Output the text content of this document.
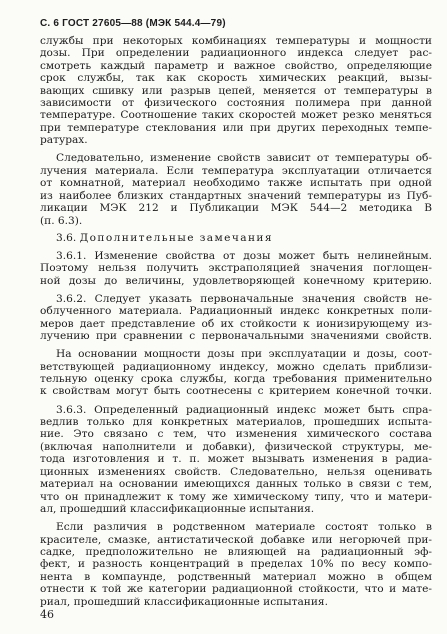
С. 6 ГОСТ 27605—88 (МЭК 544.4—79)
службы при некоторых комбинациях температуры и мощности
дозы. При определении радиационного индекса следует рас-
смотреть каждый параметр и важное свойство, определяющие
срок службы, так как скорость химических реакций, вызы-
вающих сшивку или разрыв цепей, меняется от температуры в
зависимости от физического состояния полимера при данной
температуре. Соотношение таких скоростей может резко меняться
при температуре стеклования или при других переходных темпе-
ратурах.
Следовательно, изменение свойств зависит от температуры об-
лучения материала. Если температура эксплуатации отличается
от комнатной, материал необходимо также испытать при одной
из наиболее близких стандартных значений температуры из Пуб-
ликации МЭК 212 и Публикации МЭК 544—2 методика В
(п. 6.3).
3.6. Дополнительные замечания
3.6.1. Изменение свойства от дозы может быть нелинейным.
Поэтому нельзя получить экстраполяцией значения поглощен-
ной дозы до величины, удовлетворяющей конечному критерию.
3.6.2. Следует указать первоначальные значения свойств не-
облученного материала. Радиационный индекс конкретных поли-
меров дает представление об их стойкости к ионизирующему из-
лучению при сравнении с первоначальными значениями свойств.
На основании мощности дозы при эксплуатации и дозы, соот-
ветствующей радиационному индексу, можно сделать приблизи-
тельную оценку срока службы, когда требования применительно
к свойствам могут быть соотнесены с критерием конечной точки.
3.6.3. Определенный радиационный индекс может быть спра-
ведлив только для конкретных материалов, прошедших испыта-
ние. Это связано с тем, что изменения химического состава
(включая наполнители и добавки), физической структуры, ме-
тода изготовления и т. п. может вызывать изменения в радиа-
ционных изменениях свойств. Следовательно, нельзя оценивать
материал на основании имеющихся данных только в связи с тем,
что он принадлежит к тому же химическому типу, что и матери-
ал, прошедший классификационные испытания.
Если различия в родственном материале состоят только в
красителе, смазке, антистатической добавке или негорючей при-
садке, предположительно не влияющей на радиационный эф-
фект, и разность концентраций в пределах 10% по весу компо-
нента в компаунде, родственный материал можно в общем
отнести к той же категории радиационной стойкости, что и мате-
риал, прошедший классификационные испытания.
46
